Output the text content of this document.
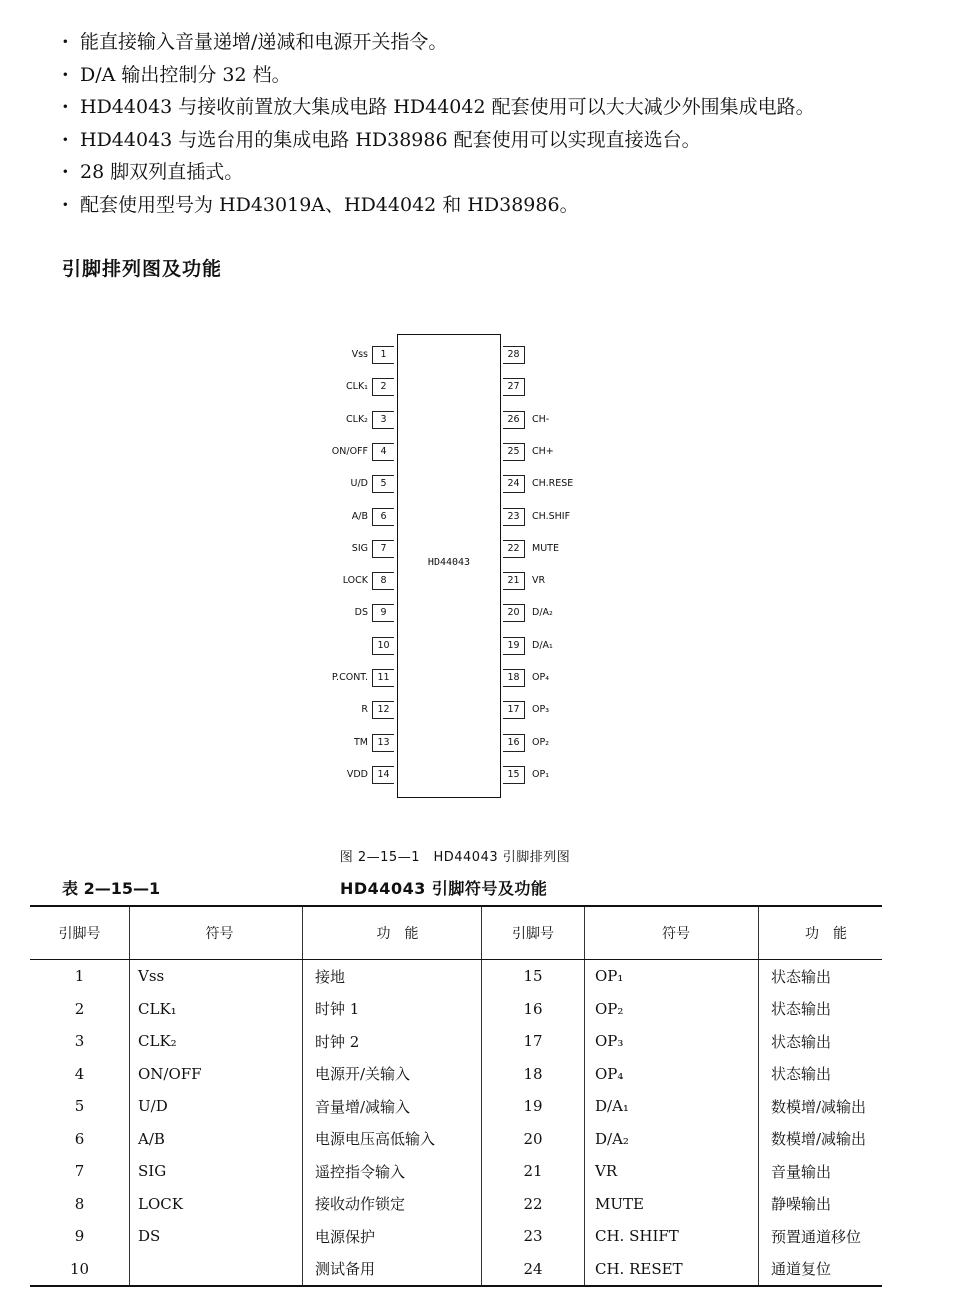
· 能直接输入音量递增/递减和电源开关指令。
· D/A 输出控制分 32 档。
· HD44043 与接收前置放大集成电路 HD44042 配套使用可以大大减少外围集成电路。
· HD44043 与选台用的集成电路 HD38986 配套使用可以实现直接选台。
· 28 脚双列直插式。
· 配套使用型号为 HD43019A、HD44042 和 HD38986。
引脚排列图及功能
HD44043
1
Vss
2
CLK₁
3
CLK₂
4
ON/OFF
5
U/D
6
A/B
7
SIG
8
LOCK
9
DS
10
11
P.CONT.
12
R
13
TM
14
VDD
28
27
26	CH-
25	CH+
24	CH.RESE
23	CH.SHIF
22	MUTE
21	VR
20	D/A₂
19	D/A₁
18	OP₄
17	OP₃
16	OP₂
15	OP₁
图 2—15—1　HD44043 引脚排列图
表 2—15—1	HD44043 引脚符号及功能
引脚号	符号	功　能	引脚号	符号	功　能
1	Vss	接地	15	OP₁	状态输出
2	CLK₁	时钟 1	16	OP₂	状态输出
3	CLK₂	时钟 2	17	OP₃	状态输出
4	ON/OFF	电源开/关输入	18	OP₄	状态输出
5	U/D	音量增/减输入	19	D/A₁	数模增/减输出
6	A/B	电源电压高低输入	20	D/A₂	数模增/减输出
7	SIG	遥控指令输入	21	VR	音量输出
8	LOCK	接收动作锁定	22	MUTE	静噪输出
9	DS	电源保护	23	CH. SHIFT	预置通道移位
10		测试备用	24	CH. RESET	通道复位
